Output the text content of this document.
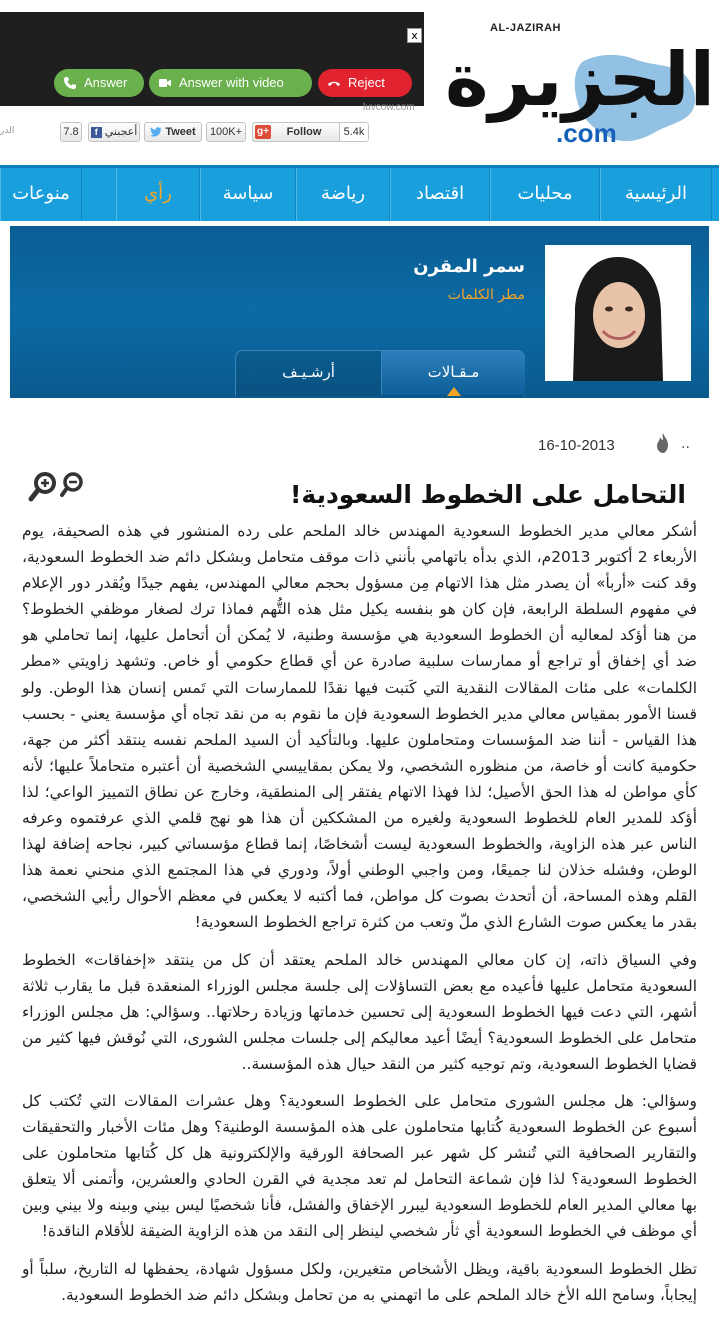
x
Answer	Answer with video	Reject
luvcow.com
AL-JAZIRAH
الجزيرة
.com
الدر	7.8	f أعجبني	Tweet	100K+	g+ Follow	5.4k
منوعات	رأي	سياسة	رياضة	اقتصاد	محليات	الرئيسية
سمر المقرن
مطر الكلمات
أرشـيـف	مـقـالات
..
16-10-2013
التحامل على الخطوط السعودية!

أشكر معالي مدير الخطوط السعودية المهندس خالد الملحم على رده المنشور في هذه الصحيفة، يوم الأربعاء 2 أكتوبر 2013م، الذي بدأه باتهامي بأنني ذات موقف متحامل وبشكل دائم ضد الخطوط السعودية، وقد كنت «أربأ» أن يصدر مثل هذا الاتهام مِن مسؤول بحجم معالي المهندس، يفهم جيدًا ويُقدر دور الإعلام في مفهوم السلطة الرابعة، فإن كان هو بنفسه يكيل مثل هذه التُّهم فماذا ترك لصغار موظفي الخطوط؟ من هنا أؤكد لمعاليه أن الخطوط السعودية هي مؤسسة وطنية، لا يُمكن أن أتحامل عليها، إنما تحاملي هو ضد أي إخفاق أو تراجع أو ممارسات سلبية صادرة عن أي قطاع حكومي أو خاص. وتشهد زاويتي «مطر الكلمات» على مئات المقالات النقدية التي كَتبت فيها نقدًا للممارسات التي تَمس إنسان هذا الوطن. ولو قسنا الأمور بمقياس معالي مدير الخطوط السعودية فإن ما نقوم به من نقد تجاه أي مؤسسة يعني - بحسب هذا القياس - أننا ضد المؤسسات ومتحاملون عليها. وبالتأكيد أن السيد الملحم نفسه ينتقد أكثر من جهة، حكومية كانت أو خاصة، من منظوره الشخصي، ولا يمكن بمقاييسي الشخصية أن أعتبره متحاملاً عليها؛ لأنه كأي مواطن له هذا الحق الأصيل؛ لذا فهذا الاتهام يفتقر إلى المنطقية، وخارج عن نطاق التمييز الواعي؛ لذا أؤكد للمدير العام للخطوط السعودية ولغيره من المشككين أن هذا هو نهج قلمي الذي عرفتموه وعرفه الناس عبر هذه الزاوية، والخطوط السعودية ليست أشخاصًا، إنما قطاع مؤسساتي كبير، نجاحه إضافة لهذا الوطن، وفشله خذلان لنا جميعًا، ومن واجبي الوطني أولاً، ودوري في هذا المجتمع الذي منحني نعمة هذا القلم وهذه المساحة، أن أتحدث بصوت كل مواطن، فما أكتبه لا يعكس في معظم الأحوال رأيي الشخصي، بقدر ما يعكس صوت الشارع الذي ملّ وتعب من كثرة تراجع الخطوط السعودية!

وفي السياق ذاته، إن كان معالي المهندس خالد الملحم يعتقد أن كل من ينتقد «إخفاقات» الخطوط السعودية متحامل عليها فأعيده مع بعض التساؤلات إلى جلسة مجلس الوزراء المنعقدة قبل ما يقارب ثلاثة أشهر، التي دعت فيها الخطوط السعودية إلى تحسين خدماتها وزيادة رحلاتها.. وسؤالي: هل مجلس الوزراء متحامل على الخطوط السعودية؟ أيضًا أعيد معاليكم إلى جلسات مجلس الشورى، التي نُوقش فيها كثير من قضايا الخطوط السعودية، وتم توجيه كثير من النقد حيال هذه المؤسسة..

وسؤالي: هل مجلس الشورى متحامل على الخطوط السعودية؟ وهل عشرات المقالات التي تُكتب كل أسبوع عن الخطوط السعودية كُتابها متحاملون على هذه المؤسسة الوطنية؟ وهل مئات الأخبار والتحقيقات والتقارير الصحافية التي تُنشر كل شهر عبر الصحافة الورقية والإلكترونية هل كل كُتابها متحاملون على الخطوط السعودية؟ لذا فإن شماعة التحامل لم تعد مجدية في القرن الحادي والعشرين، وأتمنى ألا يتعلق بها معالي المدير العام للخطوط السعودية ليبرر الإخفاق والفشل، فأنا شخصيًا ليس بيني وبينه ولا بيني وبين أي موظف في الخطوط السعودية أي ثأر شخصي لينظر إلى النقد من هذه الزاوية الضيقة للأقلام الناقدة!

تظل الخطوط السعودية باقية، ويظل الأشخاص متغيرين، ولكل مسؤول شهادة، يحفظها له التاريخ، سلباً أو إيجاباً، وسامح الله الأخ خالد الملحم على ما اتهمني به من تحامل وبشكل دائم ضد الخطوط السعودية.
